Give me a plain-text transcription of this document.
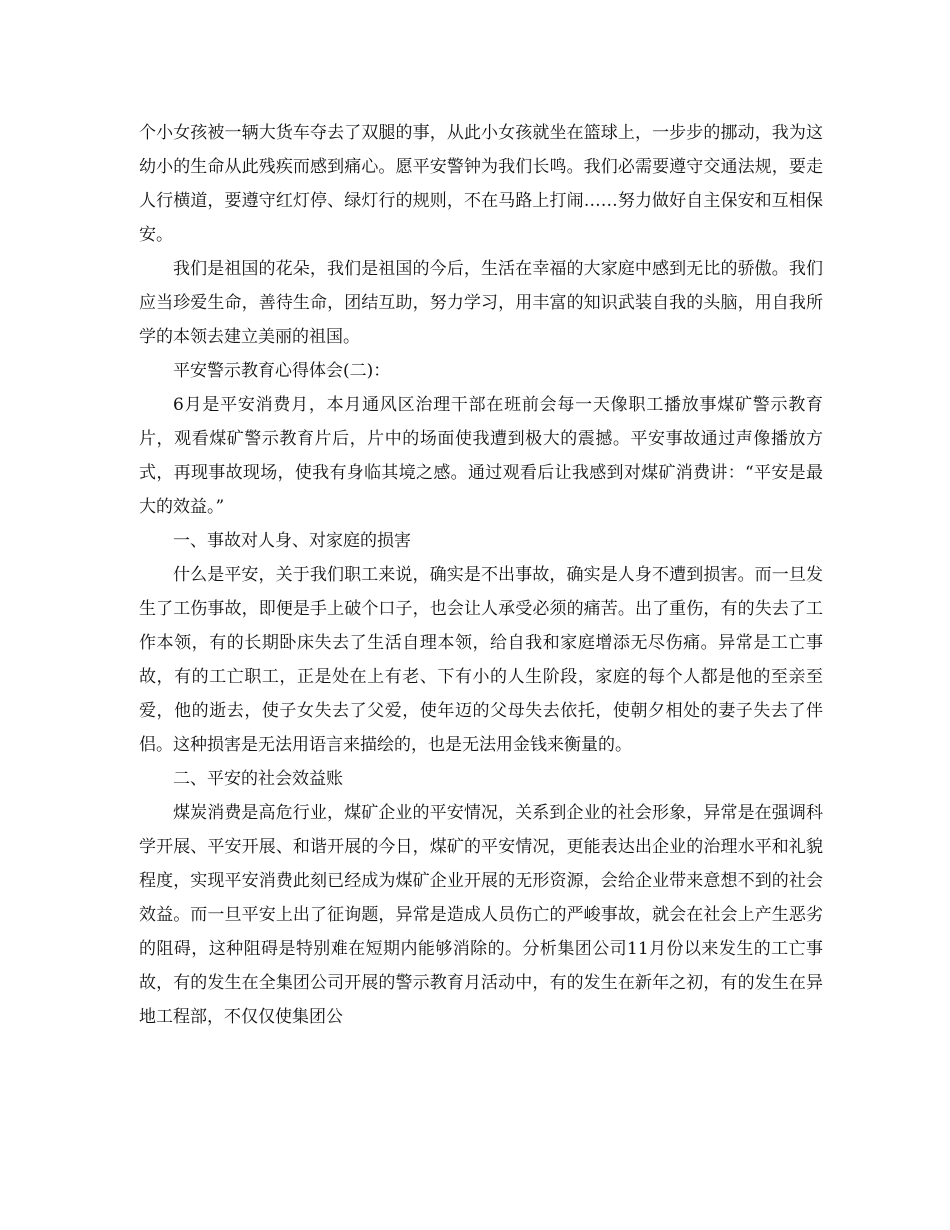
个小女孩被一辆大货车夺去了双腿的事，从此小女孩就坐在篮球上，一步步的挪动，我为这幼小的生命从此残疾而感到痛心。愿平安警钟为我们长鸣。我们必需要遵守交通法规，要走人行横道，要遵守红灯停、绿灯行的规则，不在马路上打闹……努力做好自主保安和互相保安。

我们是祖国的花朵，我们是祖国的今后，生活在幸福的大家庭中感到无比的骄傲。我们应当珍爱生命，善待生命，团结互助，努力学习，用丰富的知识武装自我的头脑，用自我所学的本领去建立美丽的祖国。

平安警示教育心得体会(二)：

6月是平安消费月，本月通风区治理干部在班前会每一天像职工播放事煤矿警示教育片，观看煤矿警示教育片后，片中的场面使我遭到极大的震撼。平安事故通过声像播放方式，再现事故现场，使我有身临其境之感。通过观看后让我感到对煤矿消费讲：“平安是最大的效益。”

一、事故对人身、对家庭的损害

什么是平安，关于我们职工来说，确实是不出事故，确实是人身不遭到损害。而一旦发生了工伤事故，即便是手上破个口子，也会让人承受必须的痛苦。出了重伤，有的失去了工作本领，有的长期卧床失去了生活自理本领，给自我和家庭增添无尽伤痛。异常是工亡事故，有的工亡职工，正是处在上有老、下有小的人生阶段，家庭的每个人都是他的至亲至爱，他的逝去，使子女失去了父爱，使年迈的父母失去依托，使朝夕相处的妻子失去了伴侣。这种损害是无法用语言来描绘的，也是无法用金钱来衡量的。

二、平安的社会效益账

煤炭消费是高危行业，煤矿企业的平安情况，关系到企业的社会形象，异常是在强调科学开展、平安开展、和谐开展的今日，煤矿的平安情况，更能表达出企业的治理水平和礼貌程度，实现平安消费此刻已经成为煤矿企业开展的无形资源，会给企业带来意想不到的社会效益。而一旦平安上出了征询题，异常是造成人员伤亡的严峻事故，就会在社会上产生恶劣的阻碍，这种阻碍是特别难在短期内能够消除的。分析集团公司11月份以来发生的工亡事故，有的发生在全集团公司开展的警示教育月活动中，有的发生在新年之初，有的发生在异地工程部，不仅仅使集团公
